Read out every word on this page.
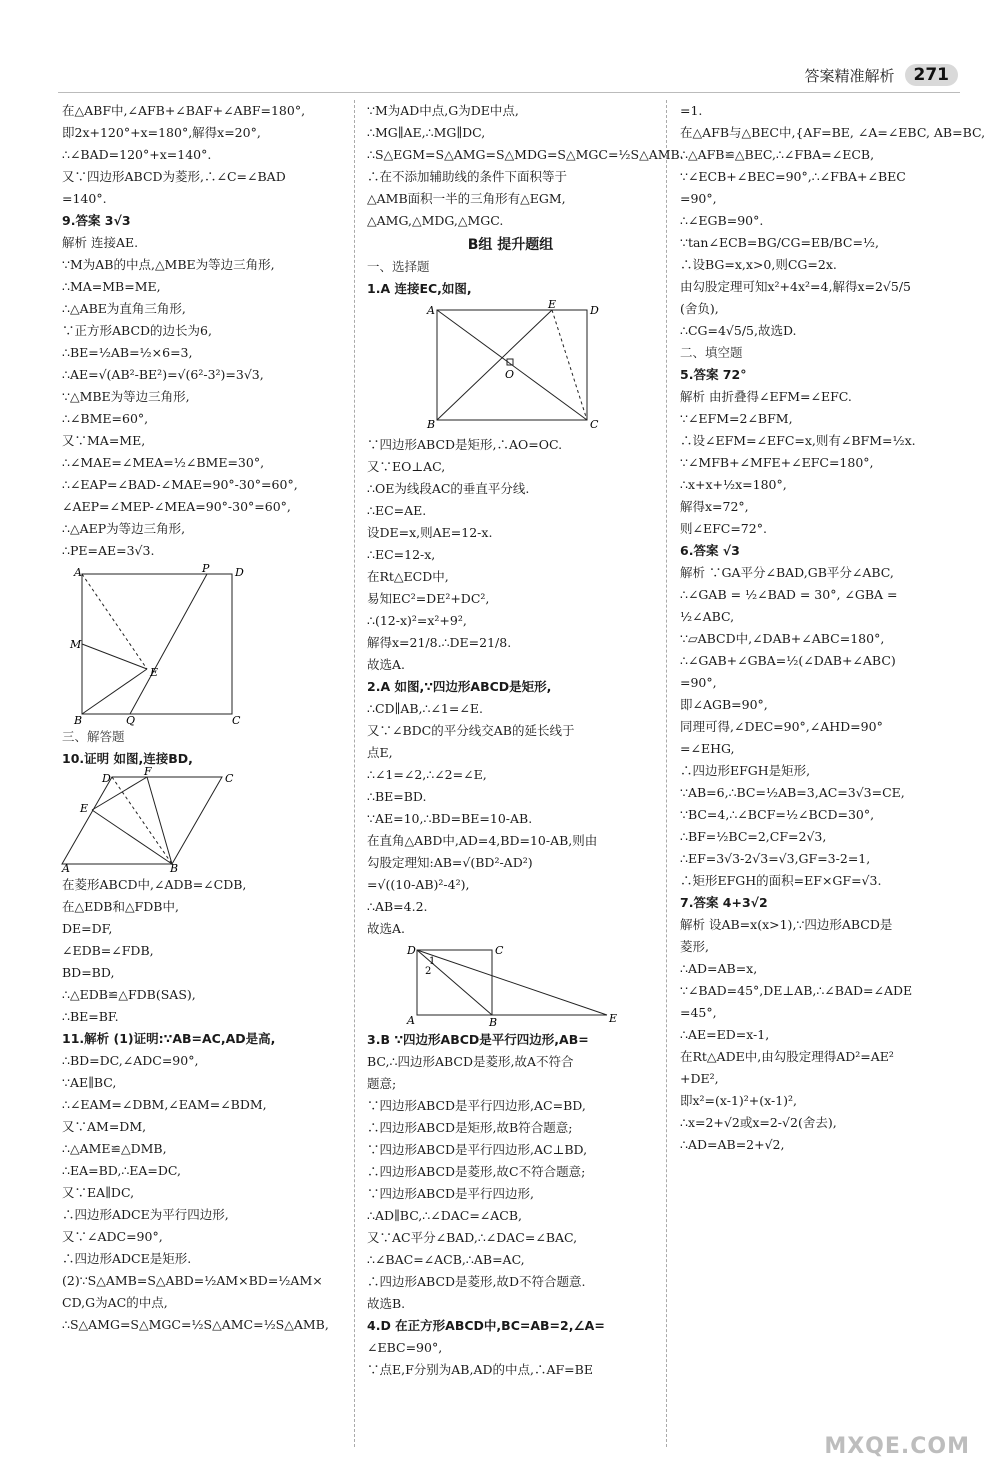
答案精准解析	271
在△ABF中,∠AFB+∠BAF+∠ABF=180°,
即2x+120°+x=180°,解得x=20°,
∴∠BAD=120°+x=140°.
又∵四边形ABCD为菱形,∴∠C=∠BAD
=140°.
9.答案 3√3
解析 连接AE.
∵M为AB的中点,△MBE为等边三角形,
∴MA=MB=ME,
∴△ABE为直角三角形,
∵正方形ABCD的边长为6,
∴BE=½AB=½×6=3,
∴AE=√(AB²-BE²)=√(6²-3²)=3√3,
∵△MBE为等边三角形,
∴∠BME=60°,
又∵MA=ME,
∴∠MAE=∠MEA=½∠BME=30°,
∴∠EAP=∠BAD-∠MAE=90°-30°=60°,
∠AEP=∠MEP-∠MEA=90°-30°=60°,
∴△AEP为等边三角形,
∴PE=AE=3√3.
A	P D
M
E
B	Q	C
三、解答题
10.证明 如图,连接BD,
D
F
C
E
A	B
在菱形ABCD中,∠ADB=∠CDB,
在△EDB和△FDB中,
DE=DF,
∠EDB=∠FDB,
BD=BD,
∴△EDB≌△FDB(SAS),
∴BE=BF.
11.解析 (1)证明:∵AB=AC,AD是高,
∴BD=DC,∠ADC=90°,
∵AE∥BC,
∴∠EAM=∠DBM,∠EAM=∠BDM,
又∵AM=DM,
∴△AME≌△DMB,
∴EA=BD,∴EA=DC,
又∵EA∥DC,
∴四边形ADCE为平行四边形,
又∵∠ADC=90°,
∴四边形ADCE是矩形.
(2)∵S△AMB=S△ABD=½AM×BD=½AM×
CD,G为AC的中点,
∴S△AMG=S△MGC=½S△AMC=½S△AMB,
∵M为AD中点,G为DE中点,
∴MG∥AE,∴MG∥DC,
∴S△EGM=S△AMG=S△MDG=S△MGC=½S△AMB.
∴在不添加辅助线的条件下面积等于
△AMB面积一半的三角形有△EGM,
△AMG,△MDG,△MGC.
B组 提升题组
一、选择题
1.A 连接EC,如图,
A	E	D
O
B	C
∵四边形ABCD是矩形,∴AO=OC.
又∵EO⊥AC,
∴OE为线段AC的垂直平分线.
∴EC=AE.
设DE=x,则AE=12-x.
∴EC=12-x,
在Rt△ECD中,
易知EC²=DE²+DC²,
∴(12-x)²=x²+9²,
解得x=21/8.∴DE=21/8.
故选A.
2.A 如图,∵四边形ABCD是矩形,
∴CD∥AB,∴∠1=∠E.
又∵∠BDC的平分线交AB的延长线于
点E,
∴∠1=∠2,∴∠2=∠E,
∴BE=BD.
∵AE=10,∴BD=BE=10-AB.
在直角△ABD中,AD=4,BD=10-AB,则由
勾股定理知:AB=√(BD²-AD²)
=√((10-AB)²-4²),
∴AB=4.2.
故选A.
D	C
1
2
A	B	E
3.B ∵四边形ABCD是平行四边形,AB=
BC,∴四边形ABCD是菱形,故A不符合
题意;
∵四边形ABCD是平行四边形,AC=BD,
∴四边形ABCD是矩形,故B符合题意;
∵四边形ABCD是平行四边形,AC⊥BD,
∴四边形ABCD是菱形,故C不符合题意;
∵四边形ABCD是平行四边形,
∴AD∥BC,∴∠DAC=∠ACB,
又∵AC平分∠BAD,∴∠DAC=∠BAC,
∴∠BAC=∠ACB,∴AB=AC,
∴四边形ABCD是菱形,故D不符合题意.
故选B.
4.D 在正方形ABCD中,BC=AB=2,∠A=
∠EBC=90°,
∵点E,F分别为AB,AD的中点,∴AF=BE
=1.
在△AFB与△BEC中,{AF=BE, ∠A=∠EBC, AB=BC,
∴△AFB≌△BEC,∴∠FBA=∠ECB,
∵∠ECB+∠BEC=90°,∴∠FBA+∠BEC
=90°,
∴∠EGB=90°.
∵tan∠ECB=BG/CG=EB/BC=½,
∴设BG=x,x>0,则CG=2x.
由勾股定理可知x²+4x²=4,解得x=2√5/5
(舍负),
∴CG=4√5/5,故选D.
二、填空题
5.答案 72°
解析 由折叠得∠EFM=∠EFC.
∵∠EFM=2∠BFM,
∴设∠EFM=∠EFC=x,则有∠BFM=½x.
∵∠MFB+∠MFE+∠EFC=180°,
∴x+x+½x=180°,
解得x=72°,
则∠EFC=72°.
6.答案 √3
解析 ∵GA平分∠BAD,GB平分∠ABC,
∴∠GAB = ½∠BAD = 30°, ∠GBA =
½∠ABC,
∵▱ABCD中,∠DAB+∠ABC=180°,
∴∠GAB+∠GBA=½(∠DAB+∠ABC)
=90°,
即∠AGB=90°,
同理可得,∠DEC=90°,∠AHD=90°
=∠EHG,
∴四边形EFGH是矩形,
∵AB=6,∴BC=½AB=3,AC=3√3=CE,
∵BC=4,∴∠BCF=½∠BCD=30°,
∴BF=½BC=2,CF=2√3,
∴EF=3√3-2√3=√3,GF=3-2=1,
∴矩形EFGH的面积=EF×GF=√3.
7.答案 4+3√2
解析 设AB=x(x>1),∵四边形ABCD是
菱形,
∴AD=AB=x,
∵∠BAD=45°,DE⊥AB,∴∠BAD=∠ADE
=45°,
∴AE=ED=x-1,
在Rt△ADE中,由勾股定理得AD²=AE²
+DE²,
即x²=(x-1)²+(x-1)²,
∴x=2+√2或x=2-√2(舍去),
∴AD=AB=2+√2,
MXQE.COM
